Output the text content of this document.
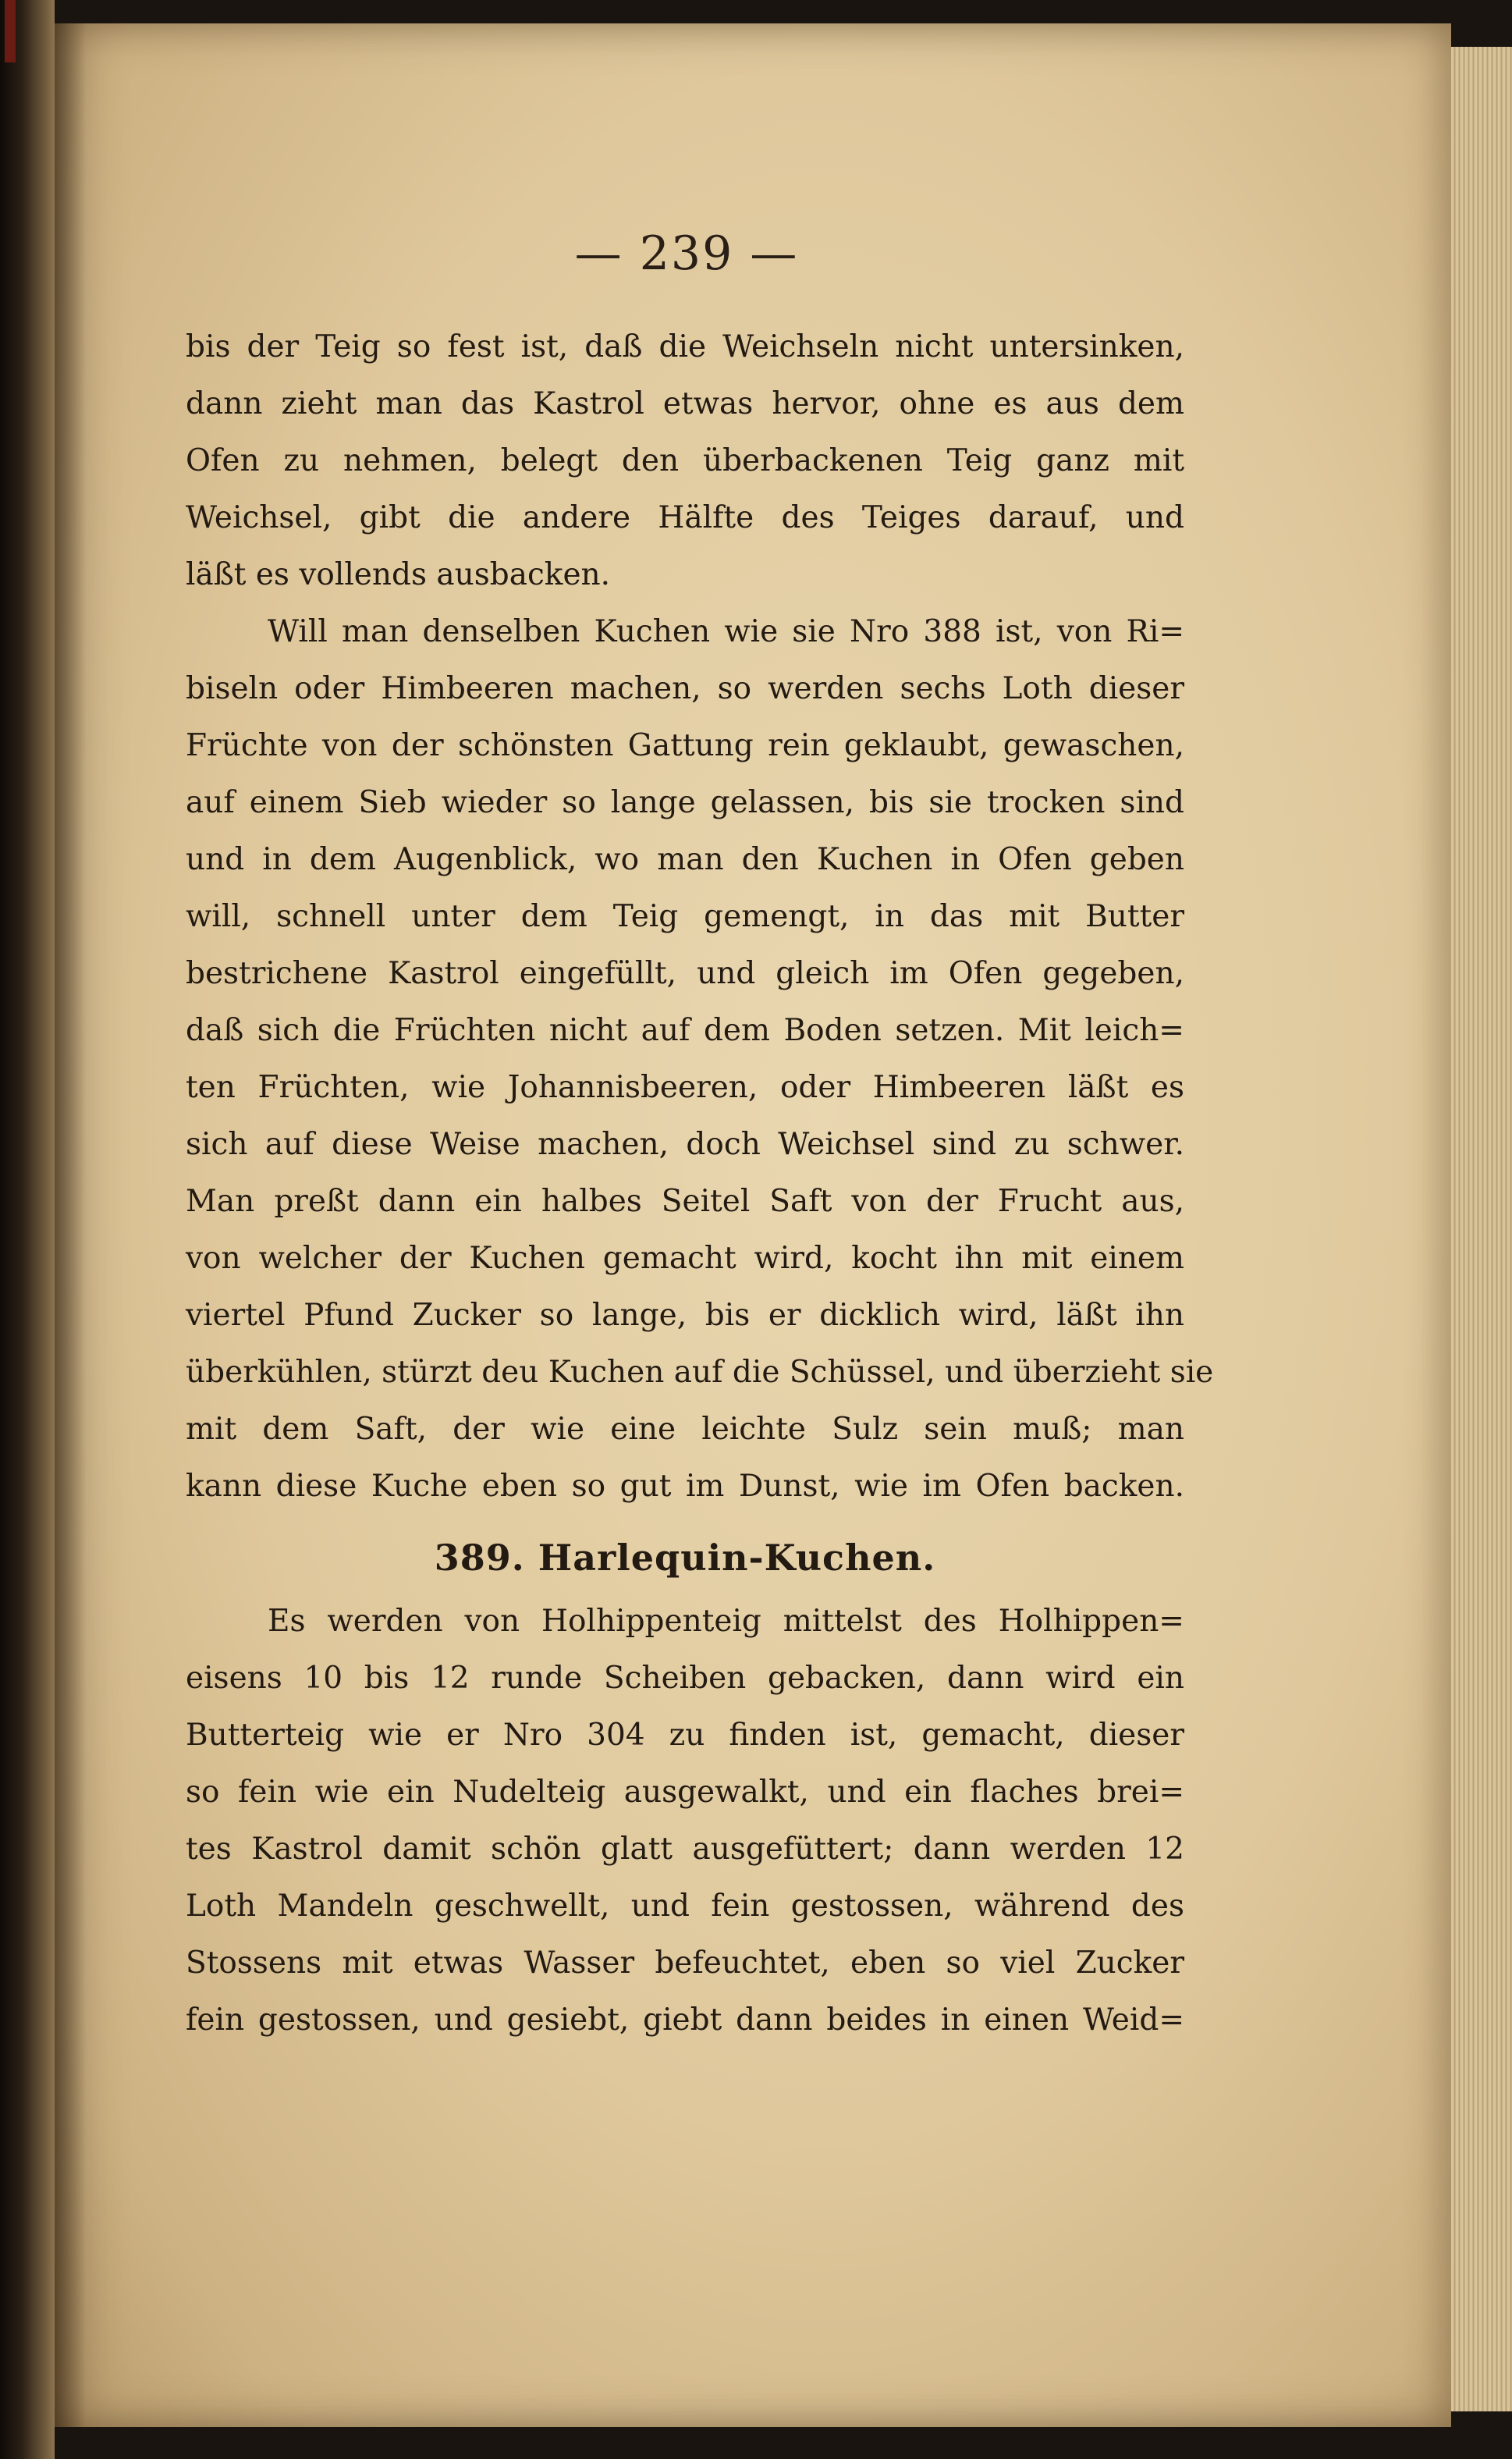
— 239 —
bis der Teig so fest ist, daß die Weichseln nicht untersinken,
dann zieht man das Kastrol etwas hervor, ohne es aus dem
Ofen zu nehmen, belegt den überbackenen Teig ganz mit
Weichsel, gibt die andere Hälfte des Teiges darauf, und
läßt es vollends ausbacken.
Will man denselben Kuchen wie sie Nro 388 ist, von Ri=
biseln oder Himbeeren machen, so werden sechs Loth dieser
Früchte von der schönsten Gattung rein geklaubt, gewaschen,
auf einem Sieb wieder so lange gelassen, bis sie trocken sind
und in dem Augenblick, wo man den Kuchen in Ofen geben
will, schnell unter dem Teig gemengt, in das mit Butter
bestrichene Kastrol eingefüllt, und gleich im Ofen gegeben,
daß sich die Früchten nicht auf dem Boden setzen. Mit leich=
ten Früchten, wie Johannisbeeren, oder Himbeeren läßt es
sich auf diese Weise machen, doch Weichsel sind zu schwer.
Man preßt dann ein halbes Seitel Saft von der Frucht aus,
von welcher der Kuchen gemacht wird, kocht ihn mit einem
viertel Pfund Zucker so lange, bis er dicklich wird, läßt ihn
überkühlen, stürzt deu Kuchen auf die Schüssel, und überzieht sie
mit dem Saft, der wie eine leichte Sulz sein muß; man
kann diese Kuche eben so gut im Dunst, wie im Ofen backen.
389. Harlequin-Kuchen.
Es werden von Holhippenteig mittelst des Holhippen=
eisens 10 bis 12 runde Scheiben gebacken, dann wird ein
Butterteig wie er Nro 304 zu finden ist, gemacht, dieser
so fein wie ein Nudelteig ausgewalkt, und ein flaches brei=
tes Kastrol damit schön glatt ausgefüttert; dann werden 12
Loth Mandeln geschwellt, und fein gestossen, während des
Stossens mit etwas Wasser befeuchtet, eben so viel Zucker
fein gestossen, und gesiebt, giebt dann beides in einen Weid=
